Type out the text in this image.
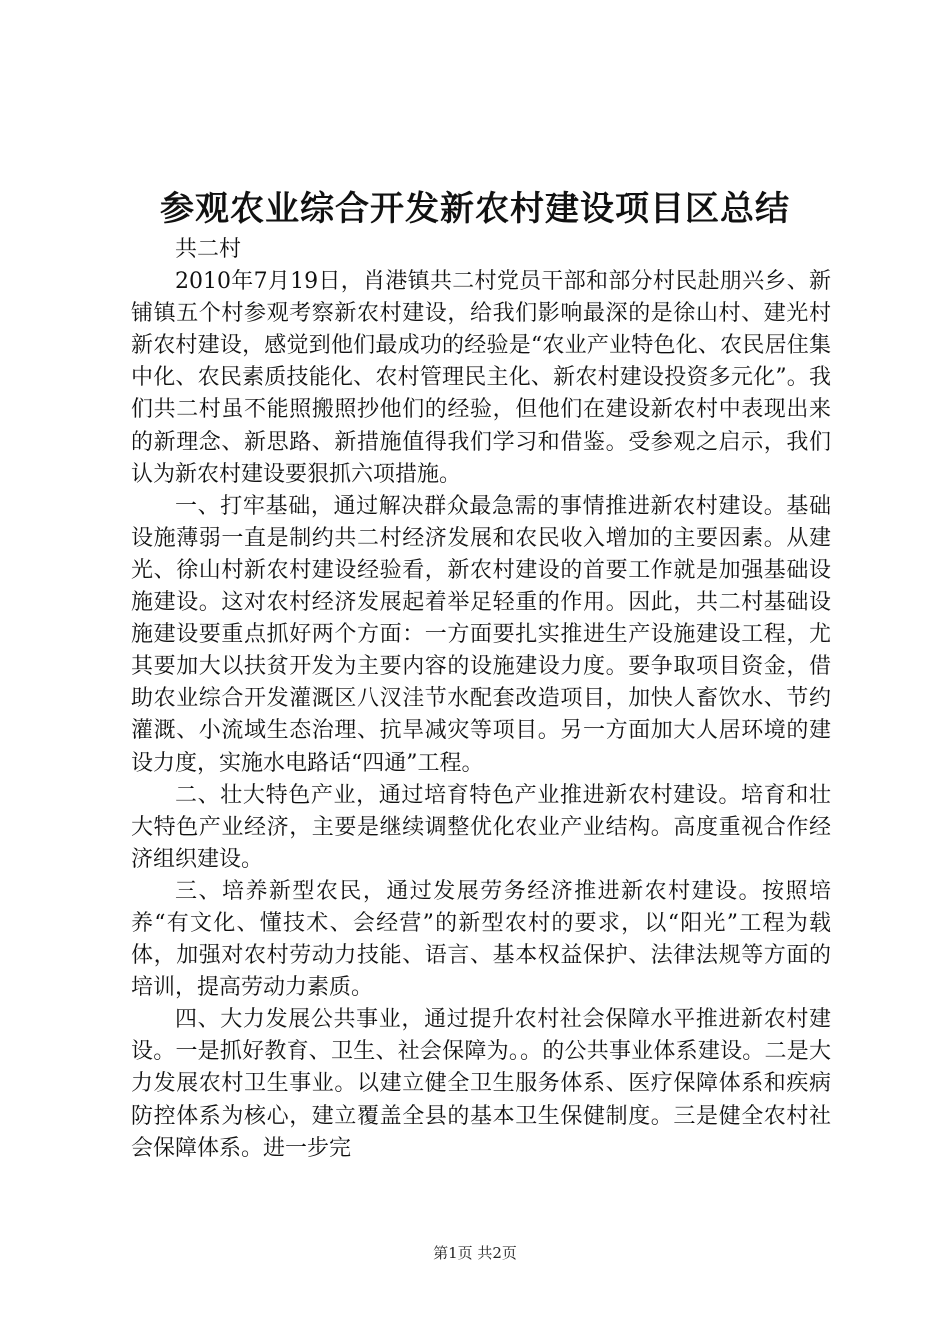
参观农业综合开发新农村建设项目区总结

共二村

2010年7月19日，肖港镇共二村党员干部和部分村民赴朋兴乡、新铺镇五个村参观考察新农村建设，给我们影响最深的是徐山村、建光村新农村建设，感觉到他们最成功的经验是“农业产业特色化、农民居住集中化、农民素质技能化、农村管理民主化、新农村建设投资多元化”。我们共二村虽不能照搬照抄他们的经验，但他们在建设新农村中表现出来的新理念、新思路、新措施值得我们学习和借鉴。受参观之启示，我们认为新农村建设要狠抓六项措施。

一、打牢基础，通过解决群众最急需的事情推进新农村建设。基础设施薄弱一直是制约共二村经济发展和农民收入增加的主要因素。从建光、徐山村新农村建设经验看，新农村建设的首要工作就是加强基础设施建设。这对农村经济发展起着举足轻重的作用。因此，共二村基础设施建设要重点抓好两个方面：一方面要扎实推进生产设施建设工程，尤其要加大以扶贫开发为主要内容的设施建设力度。要争取项目资金，借助农业综合开发灌溉区八汊洼节水配套改造项目，加快人畜饮水、节约灌溉、小流域生态治理、抗旱减灾等项目。另一方面加大人居环境的建设力度，实施水电路话“四通”工程。

二、壮大特色产业，通过培育特色产业推进新农村建设。培育和壮大特色产业经济，主要是继续调整优化农业产业结构。高度重视合作经济组织建设。

三、培养新型农民，通过发展劳务经济推进新农村建设。按照培养“有文化、懂技术、会经营”的新型农村的要求，以“阳光”工程为载体，加强对农村劳动力技能、语言、基本权益保护、法律法规等方面的培训，提高劳动力素质。

四、大力发展公共事业，通过提升农村社会保障水平推进新农村建设。一是抓好教育、卫生、社会保障为。。的公共事业体系建设。二是大力发展农村卫生事业。以建立健全卫生服务体系、医疗保障体系和疾病防控体系为核心，建立覆盖全县的基本卫生保健制度。三是健全农村社会保障体系。进一步完

第1页 共2页
